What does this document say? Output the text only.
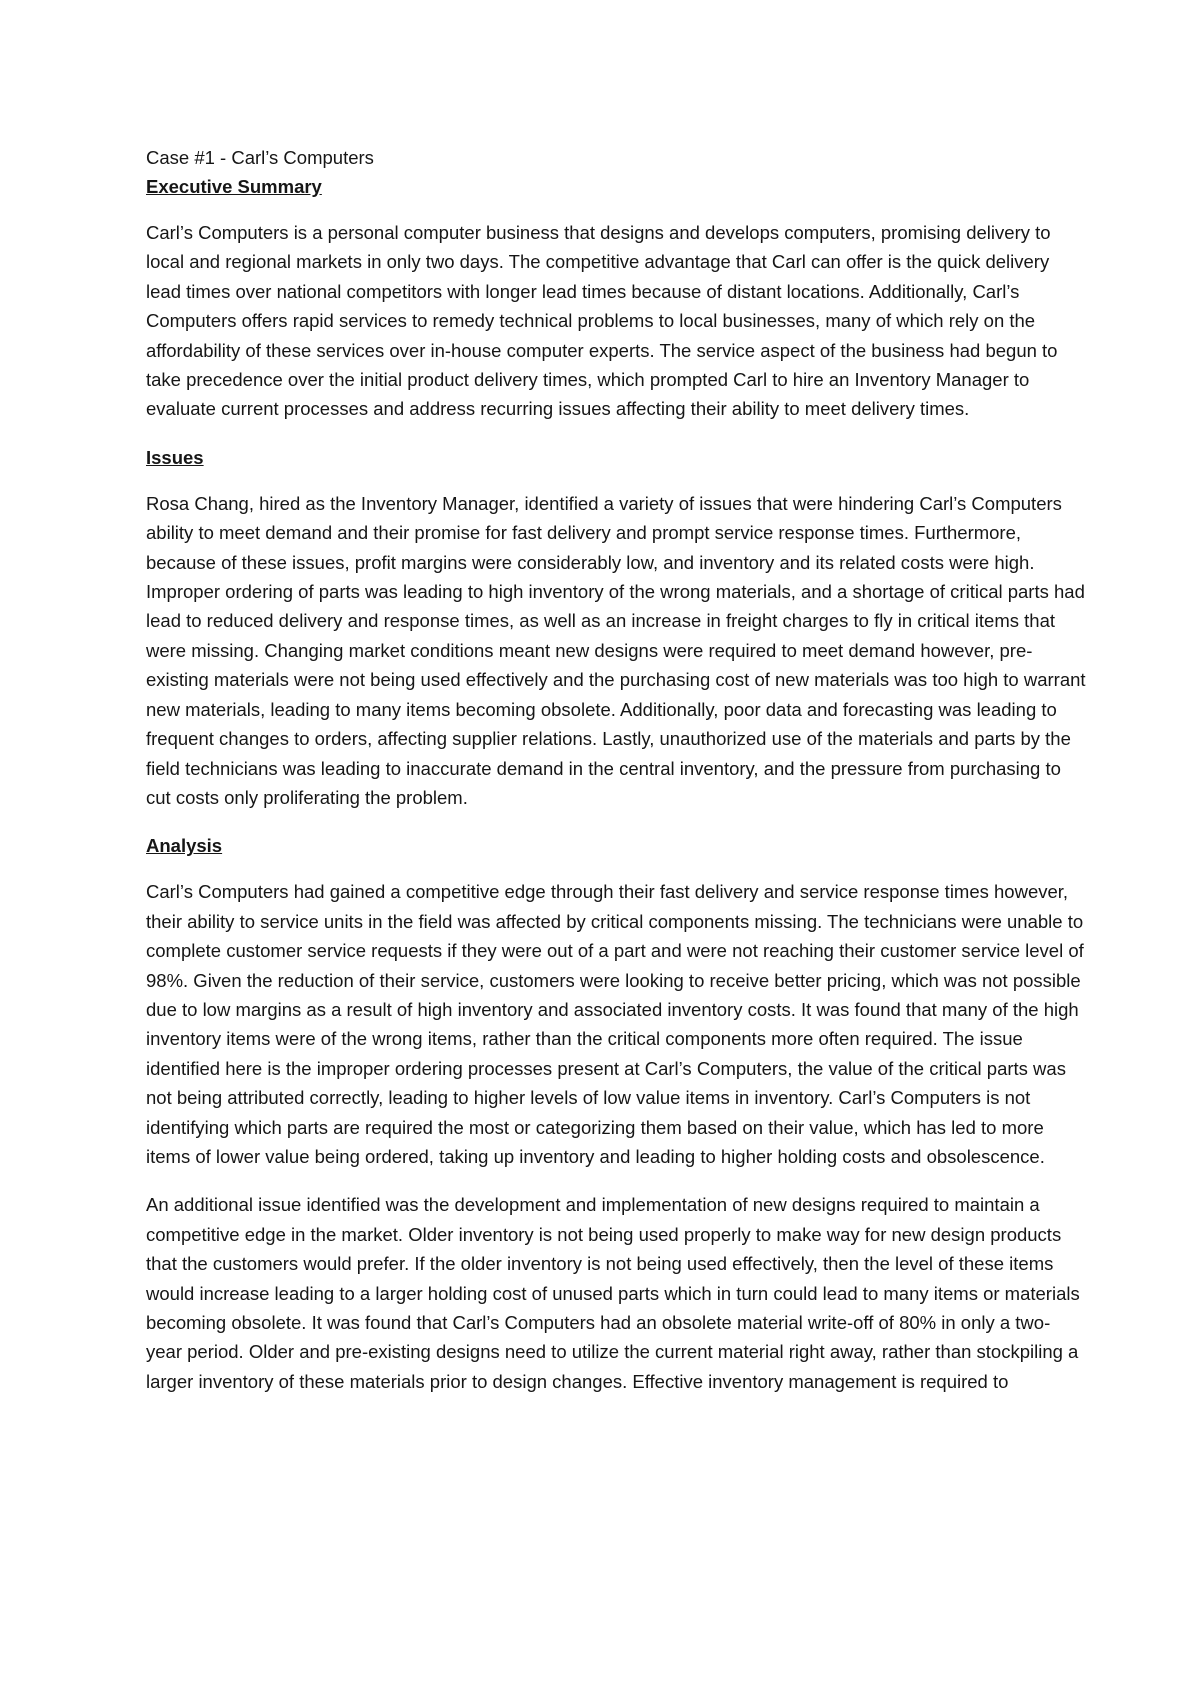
Case #1 - Carl’s Computers

Executive Summary

Carl’s Computers is a personal computer business that designs and develops computers, promising delivery to local and regional markets in only two days. The competitive advantage that Carl can offer is the quick delivery lead times over national competitors with longer lead times because of distant locations. Additionally, Carl’s Computers offers rapid services to remedy technical problems to local businesses, many of which rely on the affordability of these services over in-house computer experts. The service aspect of the business had begun to take precedence over the initial product delivery times, which prompted Carl to hire an Inventory Manager to evaluate current processes and address recurring issues affecting their ability to meet delivery times.

Issues

Rosa Chang, hired as the Inventory Manager, identified a variety of issues that were hindering Carl’s Computers ability to meet demand and their promise for fast delivery and prompt service response times. Furthermore, because of these issues, profit margins were considerably low, and inventory and its related costs were high. Improper ordering of parts was leading to high inventory of the wrong materials, and a shortage of critical parts had lead to reduced delivery and response times, as well as an increase in freight charges to fly in critical items that were missing. Changing market conditions meant new designs were required to meet demand however, pre-existing materials were not being used effectively and the purchasing cost of new materials was too high to warrant new materials, leading to many items becoming obsolete. Additionally, poor data and forecasting was leading to frequent changes to orders, affecting supplier relations. Lastly, unauthorized use of the materials and parts by the field technicians was leading to inaccurate demand in the central inventory, and the pressure from purchasing to cut costs only proliferating the problem.

Analysis

Carl’s Computers had gained a competitive edge through their fast delivery and service response times however, their ability to service units in the field was affected by critical components missing. The technicians were unable to complete customer service requests if they were out of a part and were not reaching their customer service level of 98%. Given the reduction of their service, customers were looking to receive better pricing, which was not possible due to low margins as a result of high inventory and associated inventory costs. It was found that many of the high inventory items were of the wrong items, rather than the critical components more often required. The issue identified here is the improper ordering processes present at Carl’s Computers, the value of the critical parts was not being attributed correctly, leading to higher levels of low value items in inventory. Carl’s Computers is not identifying which parts are required the most or categorizing them based on their value, which has led to more items of lower value being ordered, taking up inventory and leading to higher holding costs and obsolescence.

An additional issue identified was the development and implementation of new designs required to maintain a competitive edge in the market. Older inventory is not being used properly to make way for new design products that the customers would prefer. If the older inventory is not being used effectively, then the level of these items would increase leading to a larger holding cost of unused parts which in turn could lead to many items or materials becoming obsolete. It was found that Carl’s Computers had an obsolete material write-off of 80% in only a two-year period. Older and pre-existing designs need to utilize the current material right away, rather than stockpiling a larger inventory of these materials prior to design changes. Effective inventory management is required to
